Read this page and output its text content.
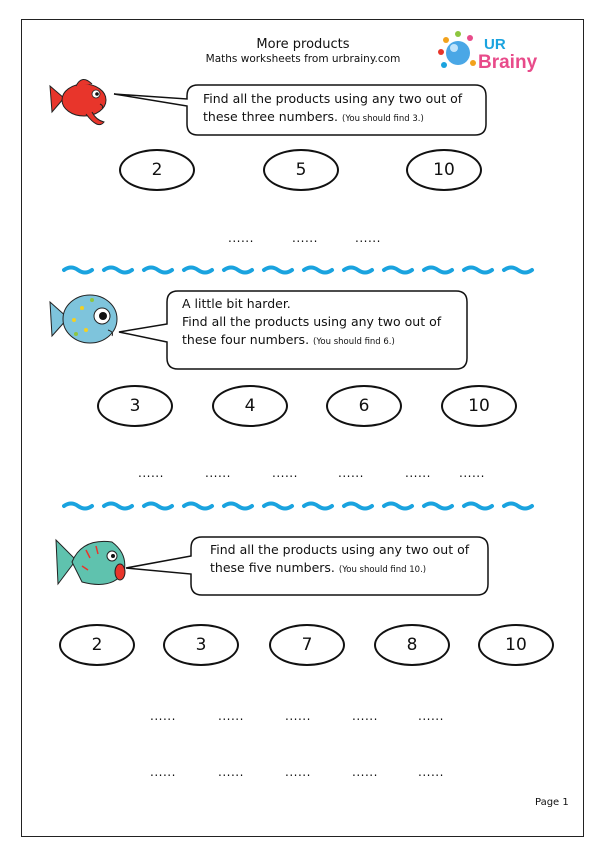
More products
Maths worksheets from urbrainy.com
UR
Brainy
Find all the products using any two out of
these three numbers. (You should find 3.)
2	5	10
......	......	......
A little bit harder.
Find all the products using any two out of
these four numbers. (You should find 6.)
3	4	6	10
......	......	......	......	...... ......
Find all the products using any two out of
these five numbers. (You should find 10.)
2	3	7	8	10
......	......	......	......	......
......	......	......	......	......
Page 1
